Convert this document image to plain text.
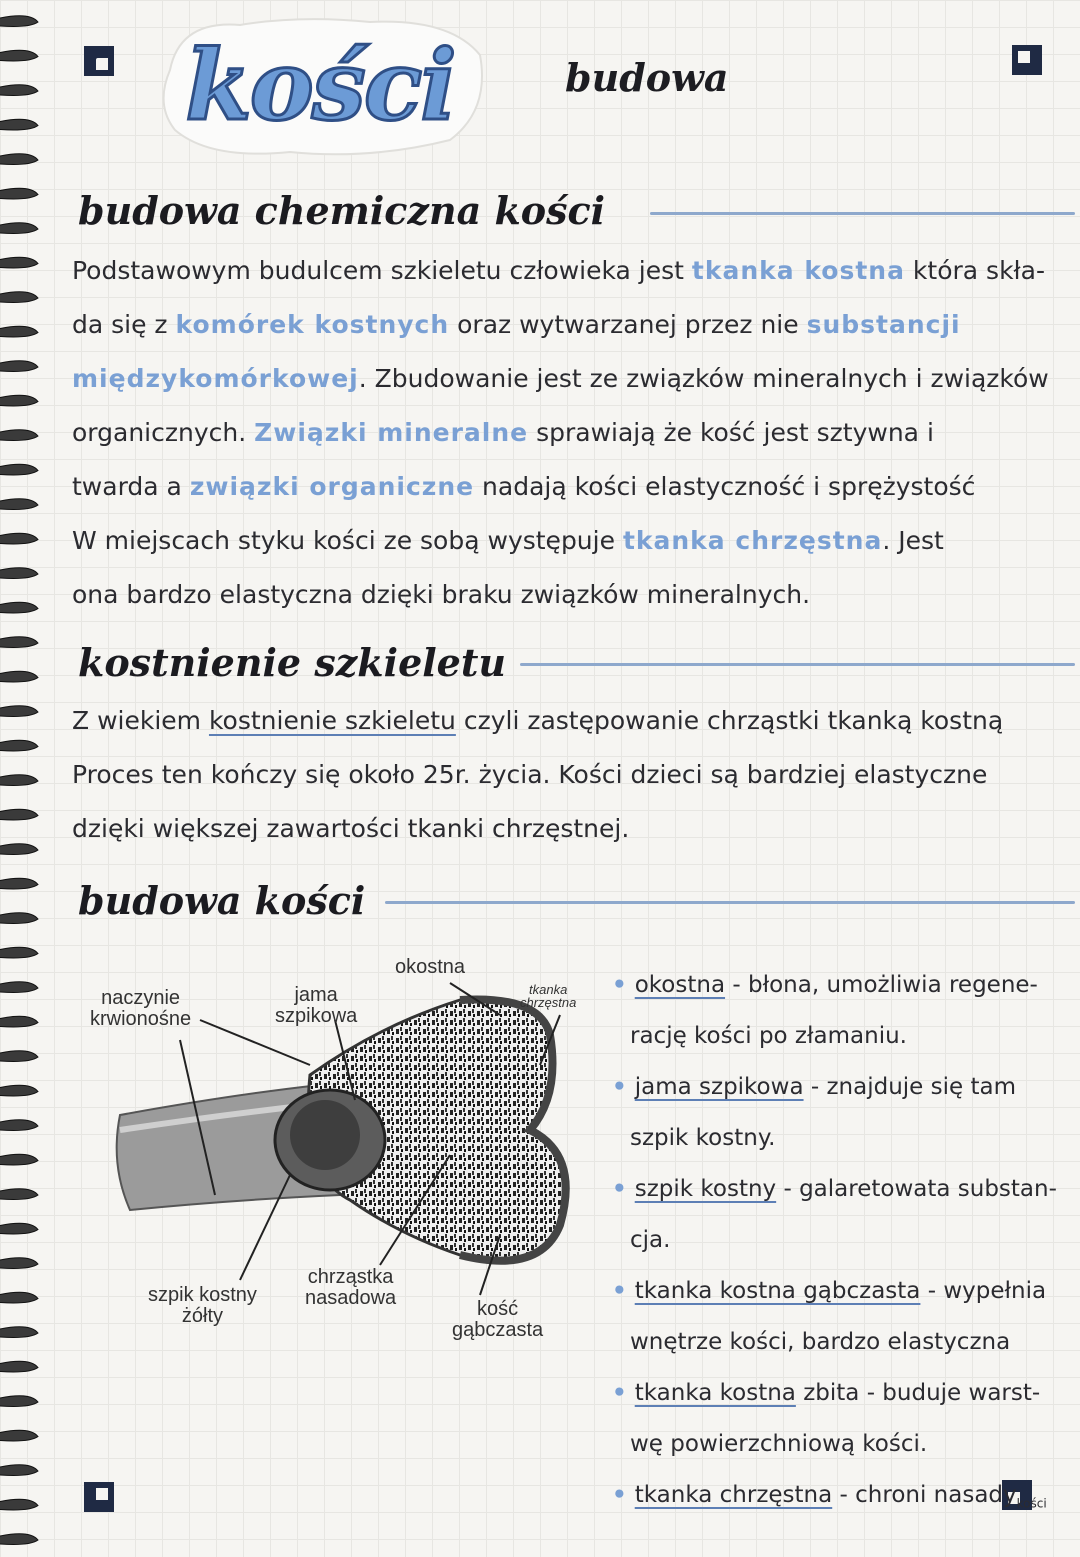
kości	budowa
budowa chemiczna kości
Podstawowym budulcem szkieletu człowieka jest tkanka kostna która skła-
da się z komórek kostnych oraz wytwarzanej przez nie substancji
międzykomórkowej. Zbudowanie jest ze związków mineralnych i związków
organicznych. Związki mineralne sprawiają że kość jest sztywna i
twarda a związki organiczne nadają kości elastyczność i sprężystość
W miejscach styku kości ze sobą występuje tkanka chrzęstna. Jest
ona bardzo elastyczna dzięki braku związków mineralnych.
kostnienie szkieletu
Z wiekiem kostnienie szkieletu czyli zastępowanie chrząstki tkanką kostną
Proces ten kończy się około 25r. życia. Kości dzieci są bardziej elastyczne
dzięki większej zawartości tkanki chrzęstnej.
budowa kości
okostna
naczynie
krwionośne
jama
szpikowa
tkanka
chrzęstna
szpik kostny
żółty
chrząstka
nasadowa	kość
gąbczasta
• okostna - błona, umożliwia regene-
rację kości po złamaniu.
• jama szpikowa - znajduje się tam
szpik kostny.
• szpik kostny - galaretowata substan-
cja.
• tkanka kostna gąbczasta - wypełnia
wnętrze kości, bardzo elastyczna
• tkanka kostna zbita - buduje warst-
wę powierzchniową kości.
• tkanka chrzęstna - chroni nasady$_{kości}$
